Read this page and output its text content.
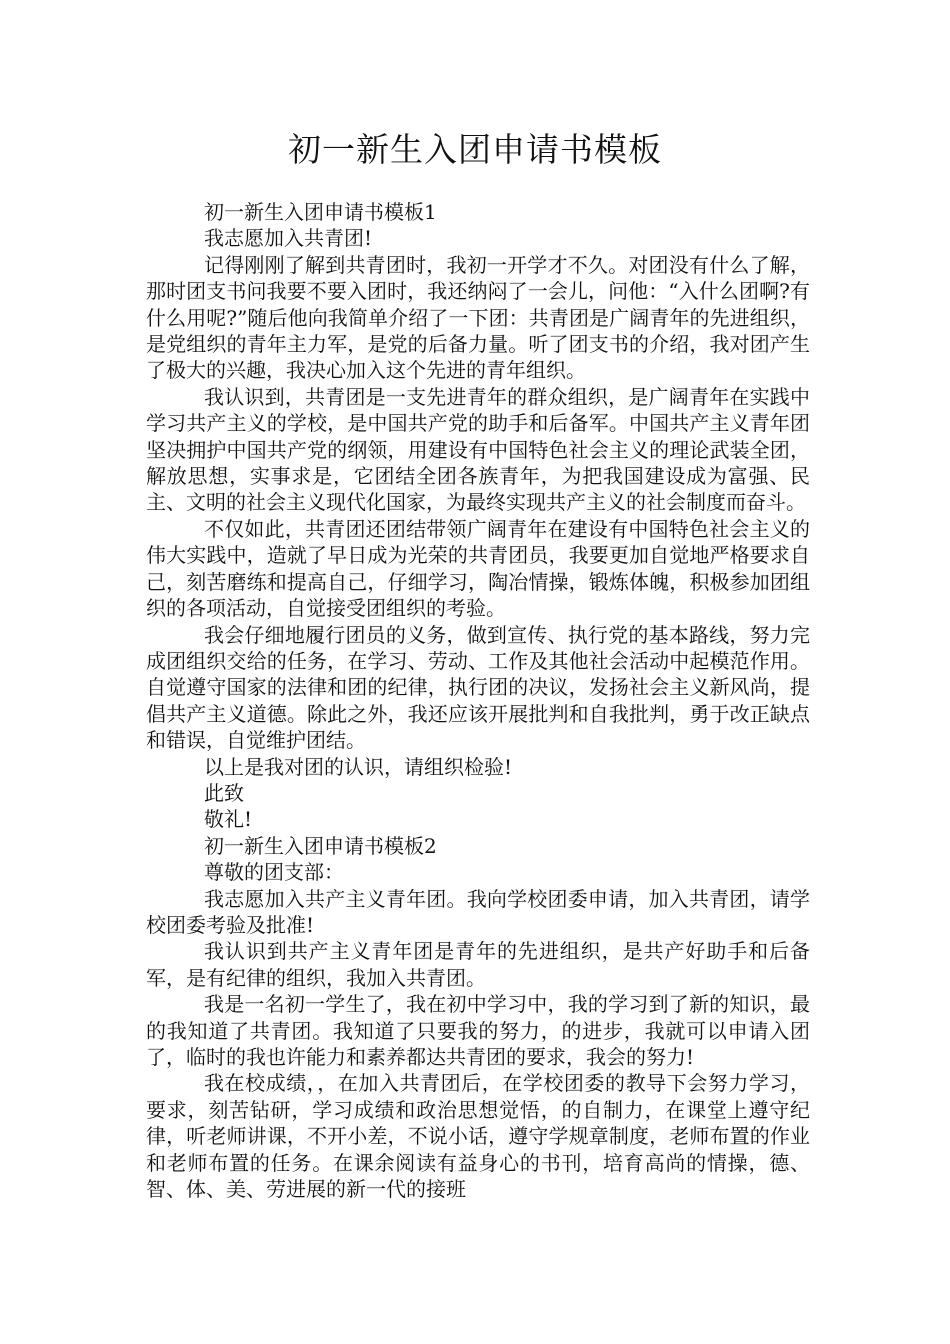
初一新生入团申请书模板

初一新生入团申请书模板1

我志愿加入共青团!

记得刚刚了解到共青团时，我初一开学才不久。对团没有什么了解，那时团支书问我要不要入团时，我还纳闷了一会儿，问他：“入什么团啊?有什么用呢?”随后他向我简单介绍了一下团：共青团是广阔青年的先进组织，是党组织的青年主力军，是党的后备力量。听了团支书的介绍，我对团产生了极大的兴趣，我决心加入这个先进的青年组织。

我认识到，共青团是一支先进青年的群众组织，是广阔青年在实践中学习共产主义的学校，是中国共产党的助手和后备军。中国共产主义青年团坚决拥护中国共产党的纲领，用建设有中国特色社会主义的理论武装全团，解放思想，实事求是，它团结全团各族青年，为把我国建设成为富强、民主、文明的社会主义现代化国家，为最终实现共产主义的社会制度而奋斗。

不仅如此，共青团还团结带领广阔青年在建设有中国特色社会主义的伟大实践中，造就了早日成为光荣的共青团员，我要更加自觉地严格要求自己，刻苦磨练和提高自己，仔细学习，陶冶情操，锻炼体魄，积极参加团组织的各项活动，自觉接受团组织的考验。

我会仔细地履行团员的义务，做到宣传、执行党的基本路线，努力完成团组织交给的任务，在学习、劳动、工作及其他社会活动中起模范作用。自觉遵守国家的法律和团的纪律，执行团的决议，发扬社会主义新风尚，提倡共产主义道德。除此之外，我还应该开展批判和自我批判，勇于改正缺点和错误，自觉维护团结。

以上是我对团的认识，请组织检验!

此致

敬礼!

初一新生入团申请书模板2

尊敬的团支部：

我志愿加入共产主义青年团。我向学校团委申请，加入共青团，请学校团委考验及批准!

我认识到共产主义青年团是青年的先进组织，是共产好助手和后备军，是有纪律的组织，我加入共青团。

我是一名初一学生了，我在初中学习中，我的学习到了新的知识，最的我知道了共青团。我知道了只要我的努力，的进步，我就可以申请入团了，临时的我也许能力和素养都达共青团的要求，我会的努力!

我在校成绩，，在加入共青团后，在学校团委的教导下会努力学习，要求，刻苦钻研，学习成绩和政治思想觉悟，的自制力，在课堂上遵守纪律，听老师讲课，不开小差，不说小话，遵守学规章制度，老师布置的作业和老师布置的任务。在课余阅读有益身心的书刊，培育高尚的情操，德、智、体、美、劳进展的新一代的接班
